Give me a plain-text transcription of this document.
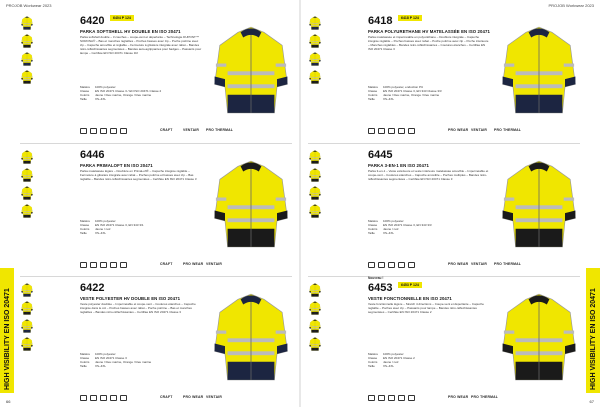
PROJOB Workwear 2023	PROJOB Workwear 2023
HIGH VISIBILITY EN ISO 20471	HIGH VISIBILITY EN ISO 20471
66	67
6420	6404 P 124
PARKA SOFTSHELL HV DOUBLE EN ISO 20471
Parka softshell double – 3 couches – coupe-vent et déperlante – Technologie DUPONT™ SORONA® – Bas et manches réglables – Poches basses avec zip – Poche poitrine avec zip – Capuche amovible et réglable – Fermeture à glissière intégrale avec rabat – Bandes rétro-réfléchissantes segmentées – Bandes auto-agrippantes pour badges – Passants pour lampe – Certifiée EN ISO 20471 Classe 3/2
Matière	100% polyester
Classe	EN ISO 20471 Classe 3 / EN ISO 20471 Classe 2
Coloris	Jaune / bleu marine, Orange / bleu marine
Taille	XS–4XL
CRAFT	VENTAIR PRO THERMAL
6418	6418 P 124
PARKA POLYURETHANE HV MATELASSÉE EN ISO 20471
Parka matelassée et imperméable en polyuréthane – Doublure intégrale – Capuche intégrée réglable – Poches basses avec rabat – Poche poitrine avec zip – Poche intérieure – Manches réglables – Bandes rétro-réfléchissantes – Coutures étanches – Certifiée EN ISO 20471 Classe 3
Matière	100% polyester, enduction PU
Classe	EN ISO 20471 Classe 3, EN 343 Classe 3/3
Coloris	Jaune / bleu marine, Orange / bleu marine
Taille	XS–4XL
PRO WEAR VENTAIR PRO THERMAL
6446
PARKA PRIMALOFT EN ISO 20471
Parka matelassée légère – Doublure en PrimaLoft® – Capuche intégrée réglable – Fermeture à glissière intégrale avec rabat – Poches poitrine et basses avec zip – Bas réglable – Bandes rétro-réfléchissantes segmentées – Certifiée EN ISO 20471 Classe 3
Matière	100% polyester
Classe	EN ISO 20471 Classe 3, EN 343 3/1
Coloris	Jaune / noir
Taille	XS–4XL
CRAFT	PRO WEAR VENTAIR
6445
PARKA 3-EN-1 EN ISO 20471
Parka 3-en-1 – Veste extérieure et veste intérieure matelassée amovible – Imperméable et coupe-vent – Coutures étanches – Capuche amovible – Poches multiples – Bandes rétro-réfléchissantes segmentées – Certifiée EN ISO 20471 Classe 3
Matière	100% polyester
Classe	EN ISO 20471 Classe 3, EN 343 3/3
Coloris	Jaune / noir
Taille	XS–4XL
PRO WEAR VENTAIR PRO THERMAL
6422
VESTE POLYESTER HV DOUBLE EN ISO 20471
Veste polyester doublée – Imperméable et coupe-vent – Coutures étanches – Capuche intégrée dans le col – Poches basses avec rabat – Poche poitrine – Bas et manches réglables – Bandes rétro-réfléchissantes – Certifiée EN ISO 20471 Classe 3
Matière	100% polyester
Classe	EN ISO 20471 Classe 3
Coloris	Jaune / bleu marine, Orange / bleu marine
Taille	XS–4XL
CRAFT	PRO WEAR VENTAIR
6453	6453 P 124
Nouveau !
VESTE FONCTIONNELLE EN ISO 20471
Veste fonctionnelle légère – Stretch 4 directions – Coupe-vent et déperlante – Capuche réglable – Poches avec zip – Passants pour lampe – Bandes rétro-réfléchissantes segmentées – Certifiée EN ISO 20471 Classe 2
Matière	100% polyester
Classe	EN ISO 20471 Classe 2
Coloris	Jaune / noir
Taille	XS–4XL
PRO WEAR PRO THERMAL
